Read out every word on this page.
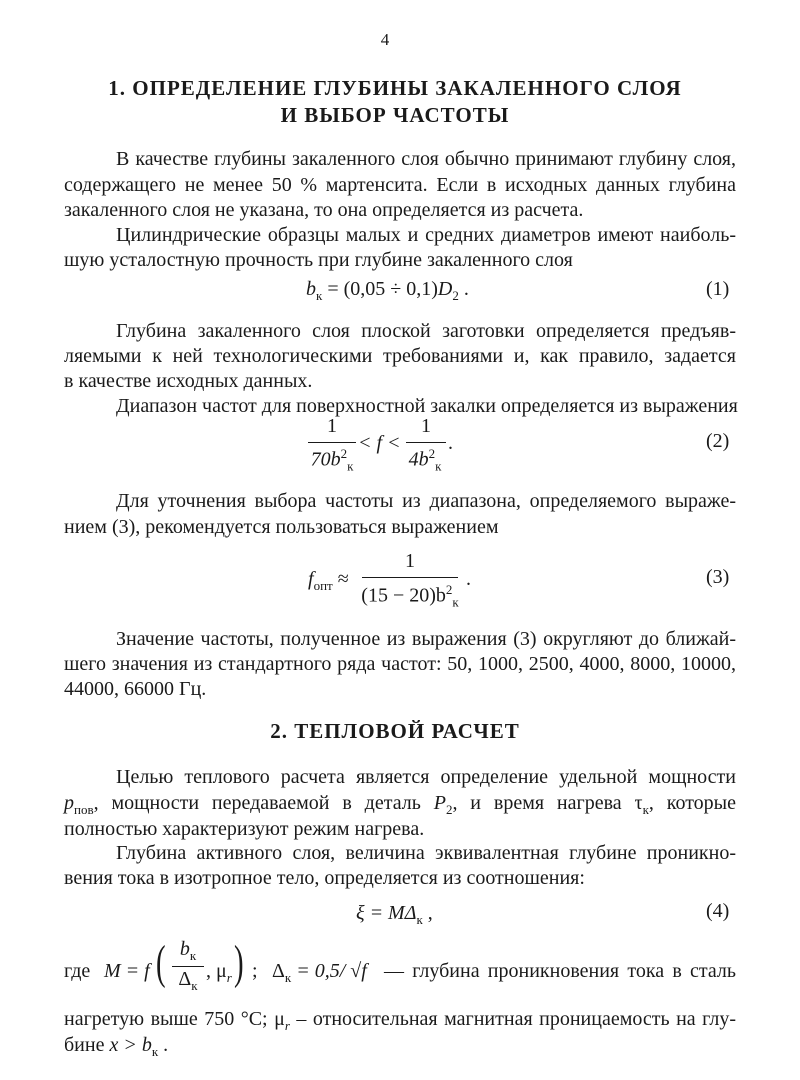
4
1. ОПРЕДЕЛЕНИЕ ГЛУБИНЫ ЗАКАЛЕННОГО СЛОЯ
И ВЫБОР ЧАСТОТЫ
В качестве глубины закаленного слоя обычно принимают глубину слоя,
содержащего не менее 50 % мартенсита. Если в исходных данных глубина
закаленного слоя не указана, то она определяется из расчета.
Цилиндрические образцы малых и средних диаметров имеют наиболь-
шую усталостную прочность при глубине закаленного слоя
$b_к = (0,05 \div 0,1)D_2$ .	(1)
Глубина закаленного слоя плоской заготовки определяется предъяв-
ляемыми к ней технологическими требованиями и, как правило, задается
в качестве исходных данных.
Диапазон частот для поверхностной закалки определяется из выражения
1
$70b^2_к$
< f <
1
$4b^2_к$
.	(2)
Для уточнения выбора частоты из диапазона, определяемого выраже-
нием (3), рекомендуется пользоваться выражением
$f_{опт}$ ≈
1
$(15 - 20)b^2_к$
.	(3)
Значение частоты, полученное из выражения (3) округляют до ближай-
шего значения из стандартного ряда частот: 50, 1000, 2500, 4000, 8000, 10000,
44000, 66000 Гц.
2. ТЕПЛОВОЙ РАСЧЕТ
Целью теплового расчета является определение удельной мощности
$p_{пов}$, мощности передаваемой в деталь $P_2$, и время нагрева $\tau_к$, которые
полностью характеризуют режим нагрева.
Глубина активного слоя, величина эквивалентная глубине проникно-
вения тока в изотропное тело, определяется из соотношения:
$\xi = M\Delta_к$ ,	(4)
где M = f ( $b_к$
$\Delta_к$
, $\mu_r$ ) ; $\Delta_к = 0,5/$ √f — глубина проникновения тока в сталь
нагретую выше 750 °С; $\mu_r$ – относительная магнитная проницаемость на глу-
бине $x > b_к$ .
